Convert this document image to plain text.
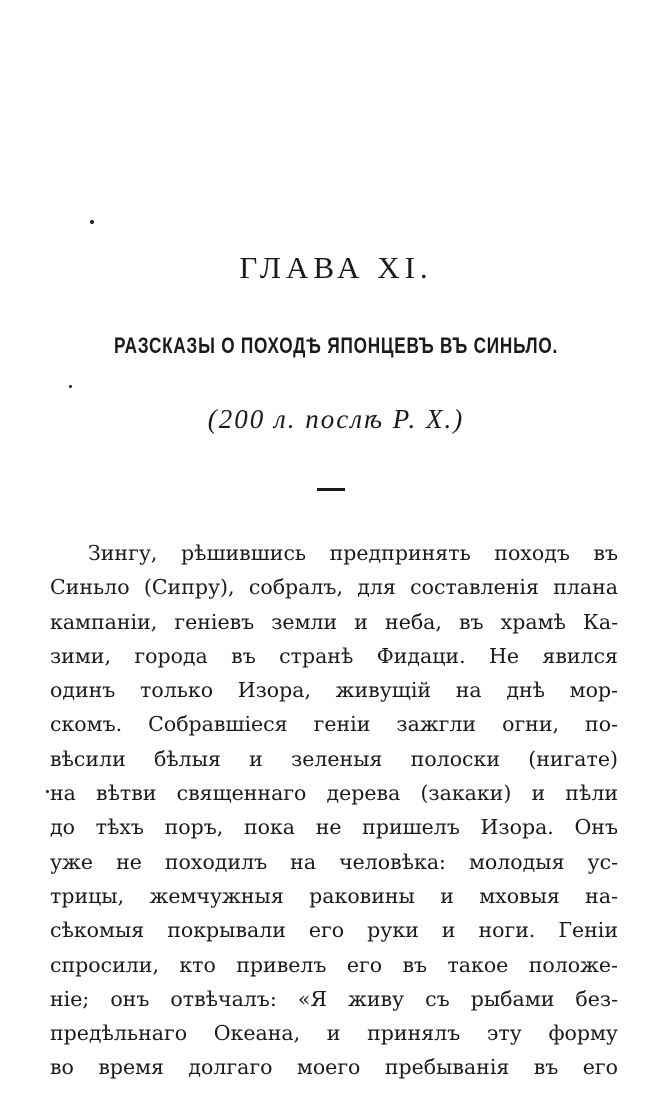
ГЛАВА XI.
РАЗСКАЗЫ О ПОХОДѢ ЯПОНЦЕВЪ ВЪ СИНЬЛО.
(200 л. послѣ Р. Х.)
Зингу, рѣшившись предпринять походъ въ
Синьло (Сипру), собралъ, для составленія плана
кампаніи, геніевъ земли и неба, въ храмѣ Ка-
зими, города въ странѣ Фидаци. Не явился
одинъ только Изора, живущій на днѣ мор-
скомъ. Собравшіеся геніи зажгли огни, по-
вѣсили бѣлыя и зеленыя полоски (нигате)
на вѣтви священнаго дерева (закаки) и пѣли
до тѣхъ поръ, пока не пришелъ Изора. Онъ
уже не походилъ на человѣка: молодыя ус-
трицы, жемчужныя раковины и мховыя на-
сѣкомыя покрывали его руки и ноги. Геніи
спросили, кто привелъ его въ такое положе-
ніе; онъ отвѣчалъ: «Я живу съ рыбами без-
предѣльнаго Океана, и принялъ эту форму
во время долгаго моего пребыванія въ его
